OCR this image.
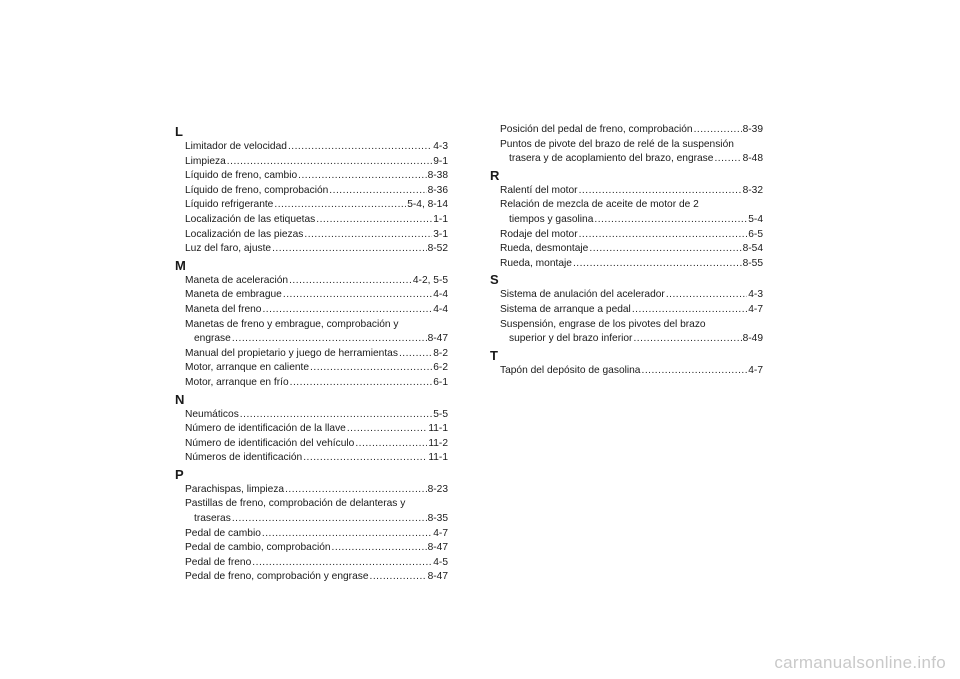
L
Limitador de velocidad .....	4-3
Limpieza .....	9-1
Líquido de freno, cambio .....	8-38
Líquido de freno, comprobación .....	8-36
Líquido refrigerante .....	5-4, 8-14
Localización de las etiquetas .....	1-1
Localización de las piezas .....	3-1
Luz del faro, ajuste .....	8-52
M
Maneta de aceleración .....	4-2, 5-5
Maneta de embrague .....	4-4
Maneta del freno .....	4-4
Manetas de freno y embrague, comprobación y
engrase .....	8-47
Manual del propietario y juego de herramientas .....	8-2
Motor, arranque en caliente .....	6-2
Motor, arranque en frío .....	6-1
N
Neumáticos .....	5-5
Número de identificación de la llave .....	11-1
Número de identificación del vehículo .....	11-2
Números de identificación .....	11-1
P
Parachispas, limpieza .....	8-23
Pastillas de freno, comprobación de delanteras y
traseras .....	8-35
Pedal de cambio .....	4-7
Pedal de cambio, comprobación .....	8-47
Pedal de freno .....	4-5
Pedal de freno, comprobación y engrase .....	8-47
Posición del pedal de freno, comprobación .....	8-39
Puntos de pivote del brazo de relé de la suspensión
trasera y de acoplamiento del brazo, engrase .....	8-48
R
Ralentí del motor .....	8-32
Relación de mezcla de aceite de motor de 2
tiempos y gasolina .....	5-4
Rodaje del motor .....	6-5
Rueda, desmontaje .....	8-54
Rueda, montaje .....	8-55
S
Sistema de anulación del acelerador .....	4-3
Sistema de arranque a pedal .....	4-7
Suspensión, engrase de los pivotes del brazo
superior y del brazo inferior .....	8-49
T
Tapón del depósito de gasolina .....	4-7
carmanualsonline.info
